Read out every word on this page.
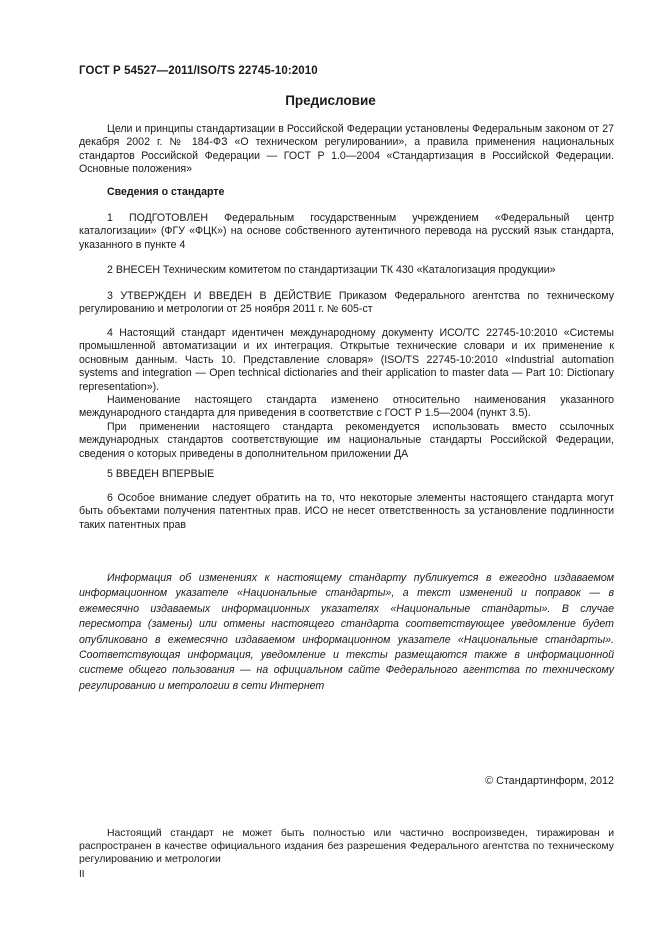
ГОСТ Р 54527—2011/ISO/TS 22745-10:2010
Предисловие

Цели и принципы стандартизации в Российской Федерации установлены Федеральным законом от 27 декабря 2002 г. № 184-ФЗ «О техническом регулировании», а правила применения национальных стандартов Российской Федерации — ГОСТ Р 1.0—2004 «Стандартизация в Российской Федерации. Основные положения»

Сведения о стандарте

1 ПОДГОТОВЛЕН Федеральным государственным учреждением «Федеральный центр каталогизации» (ФГУ «ФЦК») на основе собственного аутентичного перевода на русский язык стандарта, указанного в пункте 4

2 ВНЕСЕН Техническим комитетом по стандартизации ТК 430 «Каталогизация продукции»

3 УТВЕРЖДЕН И ВВЕДЕН В ДЕЙСТВИЕ Приказом Федерального агентства по техническому регулированию и метрологии от 25 ноября 2011 г. № 605-ст

4 Настоящий стандарт идентичен международному документу ИСО/ТС 22745-10:2010 «Системы промышленной автоматизации и их интеграция. Открытые технические словари и их применение к основным данным. Часть 10. Представление словаря» (ISO/TS 22745-10:2010 «Industrial automation systems and integration — Open technical dictionaries and their application to master data — Part 10: Dictionary representation»).

Наименование настоящего стандарта изменено относительно наименования указанного международного стандарта для приведения в соответствие с ГОСТ Р 1.5—2004 (пункт 3.5).

При применении настоящего стандарта рекомендуется использовать вместо ссылочных международных стандартов соответствующие им национальные стандарты Российской Федерации, сведения о которых приведены в дополнительном приложении ДА

5 ВВЕДЕН ВПЕРВЫЕ

6 Особое внимание следует обратить на то, что некоторые элементы настоящего стандарта могут быть объектами получения патентных прав. ИСО не несет ответственность за установление подлинности таких патентных прав

Информация об изменениях к настоящему стандарту публикуется в ежегодно издаваемом информационном указателе «Национальные стандарты», а текст изменений и поправок — в ежемесячно издаваемых информационных указателях «Национальные стандарты». В случае пересмотра (замены) или отмены настоящего стандарта соответствующее уведомление будет опубликовано в ежемесячно издаваемом информационном указателе «Национальные стандарты». Соответствующая информация, уведомление и тексты размещаются также в информационной системе общего пользования — на официальном сайте Федерального агентства по техническому регулированию и метрологии в сети Интернет

© Стандартинформ, 2012

Настоящий стандарт не может быть полностью или частично воспроизведен, тиражирован и распространен в качестве официального издания без разрешения Федерального агентства по техническому регулированию и метрологии

II
